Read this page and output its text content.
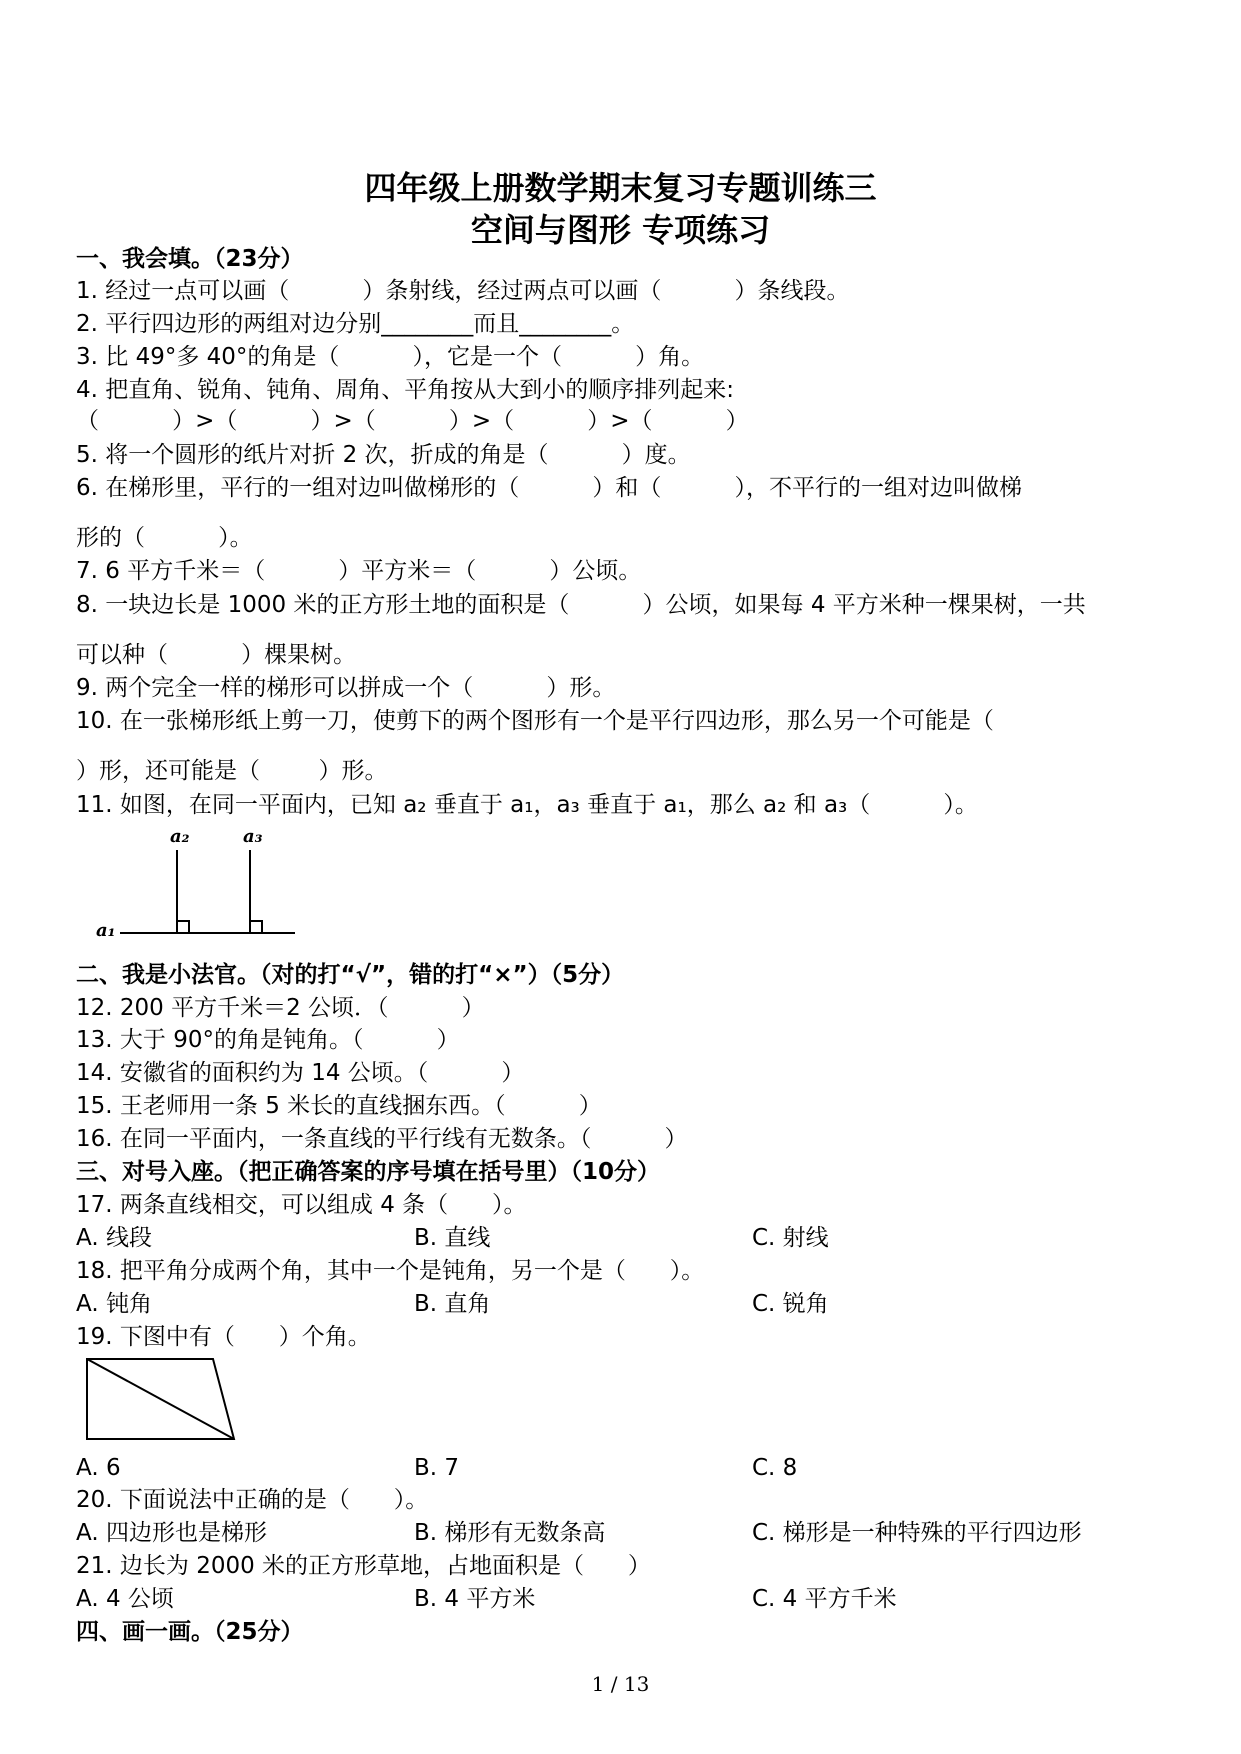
四年级上册数学期末复习专题训练三
空间与图形 专项练习
一、我会填。（23分）
1. 经过一点可以画（          ）条射线，经过两点可以画（          ）条线段。
2. 平行四边形的两组对边分别________而且________。
3. 比 49°多 40°的角是（          ），它是一个（          ）角。
4. 把直角、锐角、钝角、周角、平角按从大到小的顺序排列起来:
（          ）>（          ）>（          ）>（          ）>（          ）
5. 将一个圆形的纸片对折 2 次，折成的角是（          ）度。
6. 在梯形里，平行的一组对边叫做梯形的（          ）和（          ），不平行的一组对边叫做梯
形的（          ）。
7. 6 平方千米＝（          ）平方米＝（          ）公顷。
8. 一块边长是 1000 米的正方形土地的面积是（          ）公顷，如果每 4 平方米种一棵果树，一共
可以种（          ）棵果树。
9. 两个完全一样的梯形可以拼成一个（          ）形。
10. 在一张梯形纸上剪一刀，使剪下的两个图形有一个是平行四边形，那么另一个可能是（
）形，还可能是（        ）形。
11. 如图，在同一平面内，已知 a₂ 垂直于 a₁，a₃ 垂直于 a₁，那么 a₂ 和 a₃（          ）。
a₁
a₂	a₃
二、我是小法官。（对的打“√”，错的打“×”）（5分）
12. 200 平方千米＝2 公顷．（          ）
13. 大于 90°的角是钝角。（          ）
14. 安徽省的面积约为 14 公顷。（          ）
15. 王老师用一条 5 米长的直线捆东西。（          ）
16. 在同一平面内，一条直线的平行线有无数条。（          ）
三、对号入座。（把正确答案的序号填在括号里）（10分）
17. 两条直线相交，可以组成 4 条（      ）。
A. 线段	B. 直线	C. 射线
18. 把平角分成两个角，其中一个是钝角，另一个是（      ）。
A. 钝角	B. 直角	C. 锐角
19. 下图中有（      ）个角。
A. 6	B. 7	C. 8
20. 下面说法中正确的是（      ）。
A. 四边形也是梯形	B. 梯形有无数条高	C. 梯形是一种特殊的平行四边形
21. 边长为 2000 米的正方形草地，占地面积是（      ）
A. 4 公顷	B. 4 平方米	C. 4 平方千米
四、画一画。（25分）
1 / 13
